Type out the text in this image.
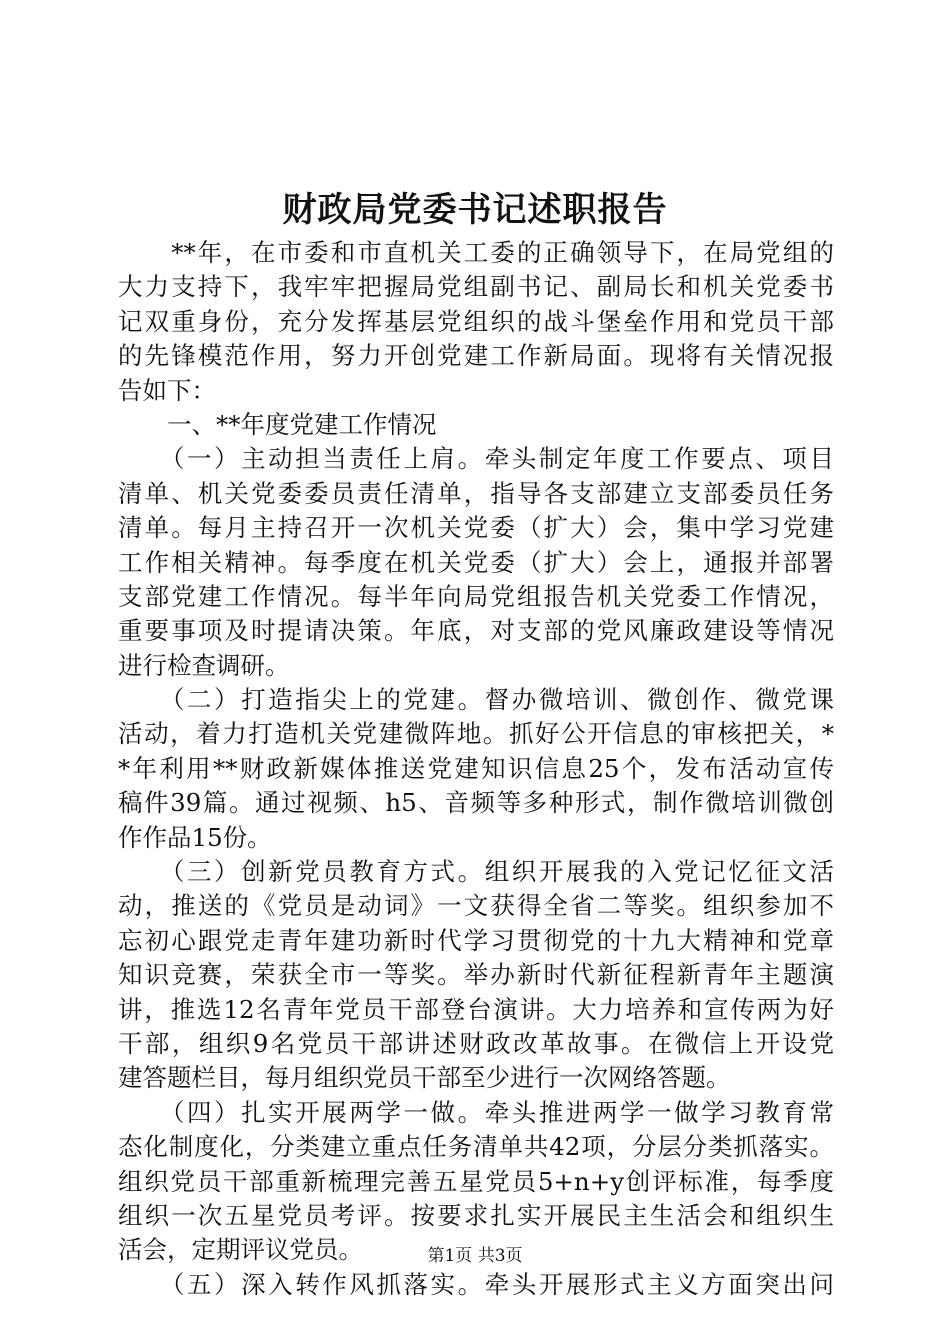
财政局党委书记述职报告
　　**年，在市委和市直机关工委的正确领导下，在局党组的
大力支持下，我牢牢把握局党组副书记、副局长和机关党委书
记双重身份，充分发挥基层党组织的战斗堡垒作用和党员干部
的先锋模范作用，努力开创党建工作新局面。现将有关情况报
告如下：
　　一、**年度党建工作情况
　　（一）主动担当责任上肩。牵头制定年度工作要点、项目
清单、机关党委委员责任清单，指导各支部建立支部委员任务
清单。每月主持召开一次机关党委（扩大）会，集中学习党建
工作相关精神。每季度在机关党委（扩大）会上，通报并部署
支部党建工作情况。每半年向局党组报告机关党委工作情况，
重要事项及时提请决策。年底，对支部的党风廉政建设等情况
进行检查调研。
　　（二）打造指尖上的党建。督办微培训、微创作、微党课
活动，着力打造机关党建微阵地。抓好公开信息的审核把关，*
*年利用**财政新媒体推送党建知识信息25个，发布活动宣传
稿件39篇。通过视频、h5、音频等多种形式，制作微培训微创
作作品15份。
　　（三）创新党员教育方式。组织开展我的入党记忆征文活
动，推送的《党员是动词》一文获得全省二等奖。组织参加不
忘初心跟党走青年建功新时代学习贯彻党的十九大精神和党章
知识竞赛，荣获全市一等奖。举办新时代新征程新青年主题演
讲，推选12名青年党员干部登台演讲。大力培养和宣传两为好
干部，组织9名党员干部讲述财政改革故事。在微信上开设党
建答题栏目，每月组织党员干部至少进行一次网络答题。
　　（四）扎实开展两学一做。牵头推进两学一做学习教育常
态化制度化，分类建立重点任务清单共42项，分层分类抓落实。
组织党员干部重新梳理完善五星党员5+n+y创评标准，每季度
组织一次五星党员考评。按要求扎实开展民主生活会和组织生
活会，定期评议党员。
　　（五）深入转作风抓落实。牵头开展形式主义方面突出问
第1页 共3页
